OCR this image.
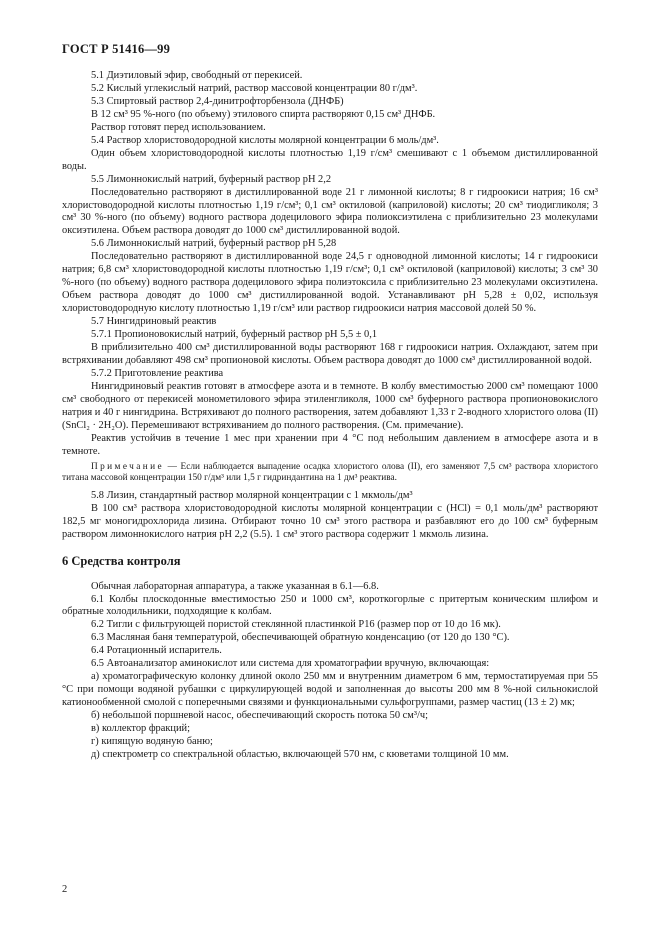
ГОСТ Р 51416—99

5.1 Диэтиловый эфир, свободный от перекисей.

5.2 Кислый углекислый натрий, раствор массовой концентрации 80 г/дм³.

5.3 Спиртовый раствор 2,4-динитрофторбензола (ДНФБ)

В 12 см³ 95 %-ного (по объему) этилового спирта растворяют 0,15 см³ ДНФБ.

Раствор готовят перед использованием.

5.4 Раствор хлористоводородной кислоты молярной концентрации 6 моль/дм³.

Один объем хлористоводородной кислоты плотностью 1,19 г/см³ смешивают с 1 объемом дистиллированной воды.

5.5 Лимоннокислый натрий, буферный раствор pH 2,2

Последовательно растворяют в дистиллированной воде 21 г лимонной кислоты; 8 г гидроокиси натрия; 16 см³ хлористоводородной кислоты плотностью 1,19 г/см³; 0,1 см³ октиловой (каприловой) кислоты; 20 см³ тиодигликоля; 3 см³ 30 %-ного (по объему) водного раствора додецилового эфира полиоксиэтилена с приблизительно 23 молекулами оксиэтилена. Объем раствора доводят до 1000 см³ дистиллированной водой.

5.6 Лимоннокислый натрий, буферный раствор pH 5,28

Последовательно растворяют в дистиллированной воде 24,5 г одноводной лимонной кислоты; 14 г гидроокиси натрия; 6,8 см³ хлористоводородной кислоты плотностью 1,19 г/см³; 0,1 см³ октиловой (каприловой) кислоты; 3 см³ 30 %-ного (по объему) водного раствора додецилового эфира полиэтоксила с приблизительно 23 молекулами оксиэтилена. Объем раствора доводят до 1000 см³ дистиллированной водой. Устанавливают pH 5,28 ± 0,02, используя хлористоводородную кислоту плотностью 1,19 г/см³ или раствор гидроокиси натрия массовой долей 50 %.

5.7 Нингидриновый реактив

5.7.1 Пропионовокислый натрий, буферный раствор pH 5,5 ± 0,1

В приблизительно 400 см³ дистиллированной воды растворяют 168 г гидроокиси натрия. Охлаждают, затем при встряхивании добавляют 498 см³ пропионовой кислоты. Объем раствора доводят до 1000 см³ дистиллированной водой.

5.7.2 Приготовление реактива

Нингидриновый реактив готовят в атмосфере азота и в темноте. В колбу вместимостью 2000 см³ помещают 1000 см³ свободного от перекисей монометилового эфира этиленгликоля, 1000 см³ буферного раствора пропионовокислого натрия и 40 г нингидрина. Встряхивают до полного растворения, затем добавляют 1,33 г 2-водного хлористого олова (II) (SnCl₂ · 2H₂O). Перемешивают встряхиванием до полного растворения. (См. примечание).

Реактив устойчив в течение 1 мес при хранении при 4 °С под небольшим давлением в атмосфере азота и в темноте.

Примечание — Если наблюдается выпадение осадка хлористого олова (II), его заменяют 7,5 см³ раствора хлористого титана массовой концентрации 150 г/дм³ или 1,5 г гидриндантина на 1 дм³ реактива.

5.8 Лизин, стандартный раствор молярной концентрации c 1 мкмоль/дм³

В 100 см³ раствора хлористоводородной кислоты молярной концентрации c (HCl) = 0,1 моль/дм³ растворяют 182,5 мг моногидрохлорида лизина. Отбирают точно 10 см³ этого раствора и разбавляют его до 100 см³ буферным раствором лимоннокислого натрия pH 2,2 (5.5). 1 см³ этого раствора содержит 1 мкмоль лизина.

6 Средства контроля

Обычная лабораторная аппаратура, а также указанная в 6.1—6.8.

6.1 Колбы плоскодонные вместимостью 250 и 1000 см³, короткогорлые с притертым коническим шлифом и обратные холодильники, подходящие к колбам.

6.2 Тигли с фильтрующей пористой стеклянной пластинкой P16 (размер пор от 10 до 16 мк).

6.3 Масляная баня температурой, обеспечивающей обратную конденсацию (от 120 до 130 °С).

6.4 Ротационный испаритель.

6.5 Автоанализатор аминокислот или система для хроматографии вручную, включающая:

а) хроматографическую колонку длиной около 250 мм и внутренним диаметром 6 мм, термостатируемая при 55 °С при помощи водяной рубашки с циркулирующей водой и заполненная до высоты 200 мм 8 %-ной сильнокислой катионообменной смолой с поперечными связями и функциональными сульфогруппами, размер частиц (13 ± 2) мк;

б) небольшой поршневой насос, обеспечивающий скорость потока 50 см³/ч;

в) коллектор фракций;

г) кипящую водяную баню;

д) спектрометр со спектральной областью, включающей 570 нм, с кюветами толщиной 10 мм.

2
